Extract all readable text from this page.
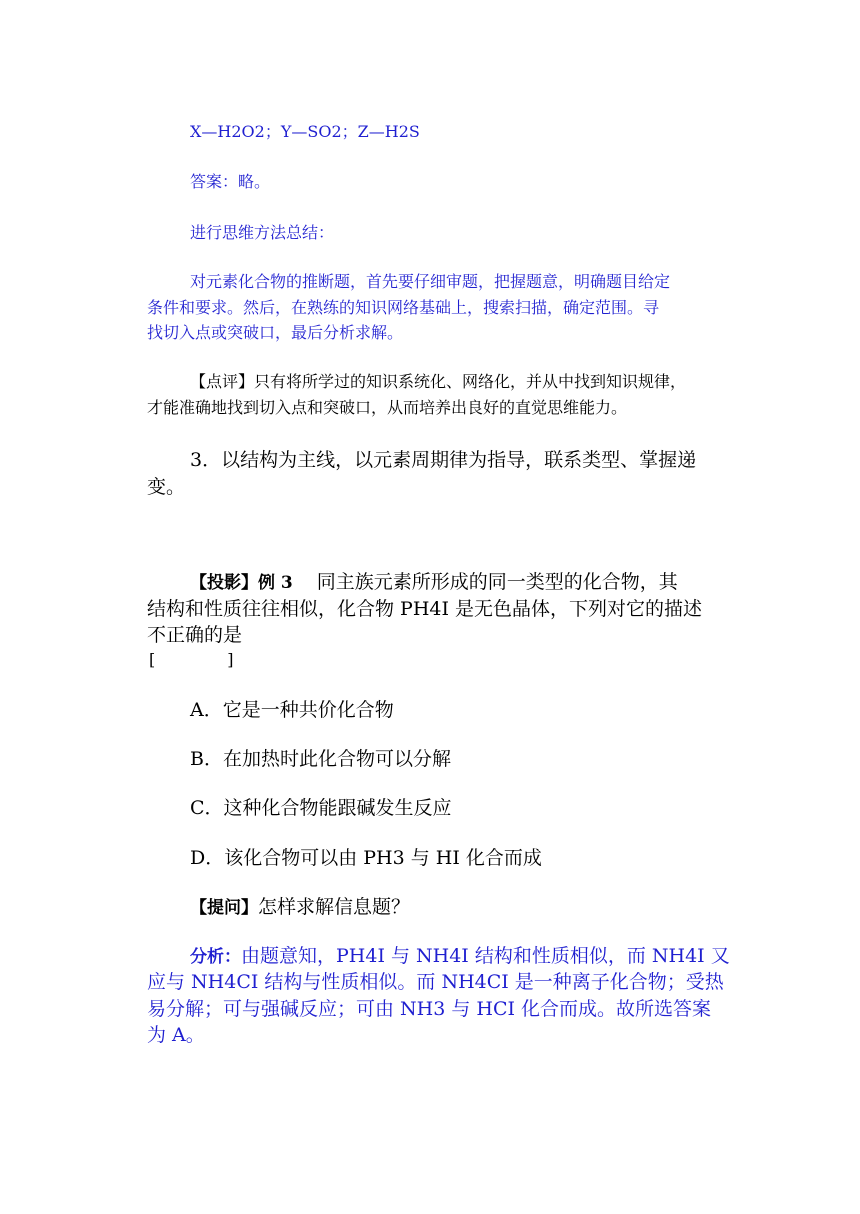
X—H2O2；Y—SO2；Z—H2S

答案：略。

进行思维方法总结：

对元素化合物的推断题，首先要仔细审题，把握题意，明确题目给定

条件和要求。然后，在熟练的知识网络基础上，搜索扫描，确定范围。寻

找切入点或突破口，最后分析求解。

【点评】只有将所学过的知识系统化、网络化，并从中找到知识规律，

才能准确地找到切入点和突破口，从而培养出良好的直觉思维能力。

3．以结构为主线，以元素周期律为指导，联系类型、掌握递

变。

【投影】例 3 同主族元素所形成的同一类型的化合物，其

结构和性质往往相似，化合物 PH4I 是无色晶体，下列对它的描述

不正确的是

[	]

A．它是一种共价化合物

B．在加热时此化合物可以分解

C．这种化合物能跟碱发生反应

D．该化合物可以由 PH3 与 HI 化合而成

【提问】怎样求解信息题？

分析：由题意知，PH4I 与 NH4I 结构和性质相似，而 NH4I 又

应与 NH4CI 结构与性质相似。而 NH4CI 是一种离子化合物；受热

易分解；可与强碱反应；可由 NH3 与 HCI 化合而成。故所选答案

为 A。
